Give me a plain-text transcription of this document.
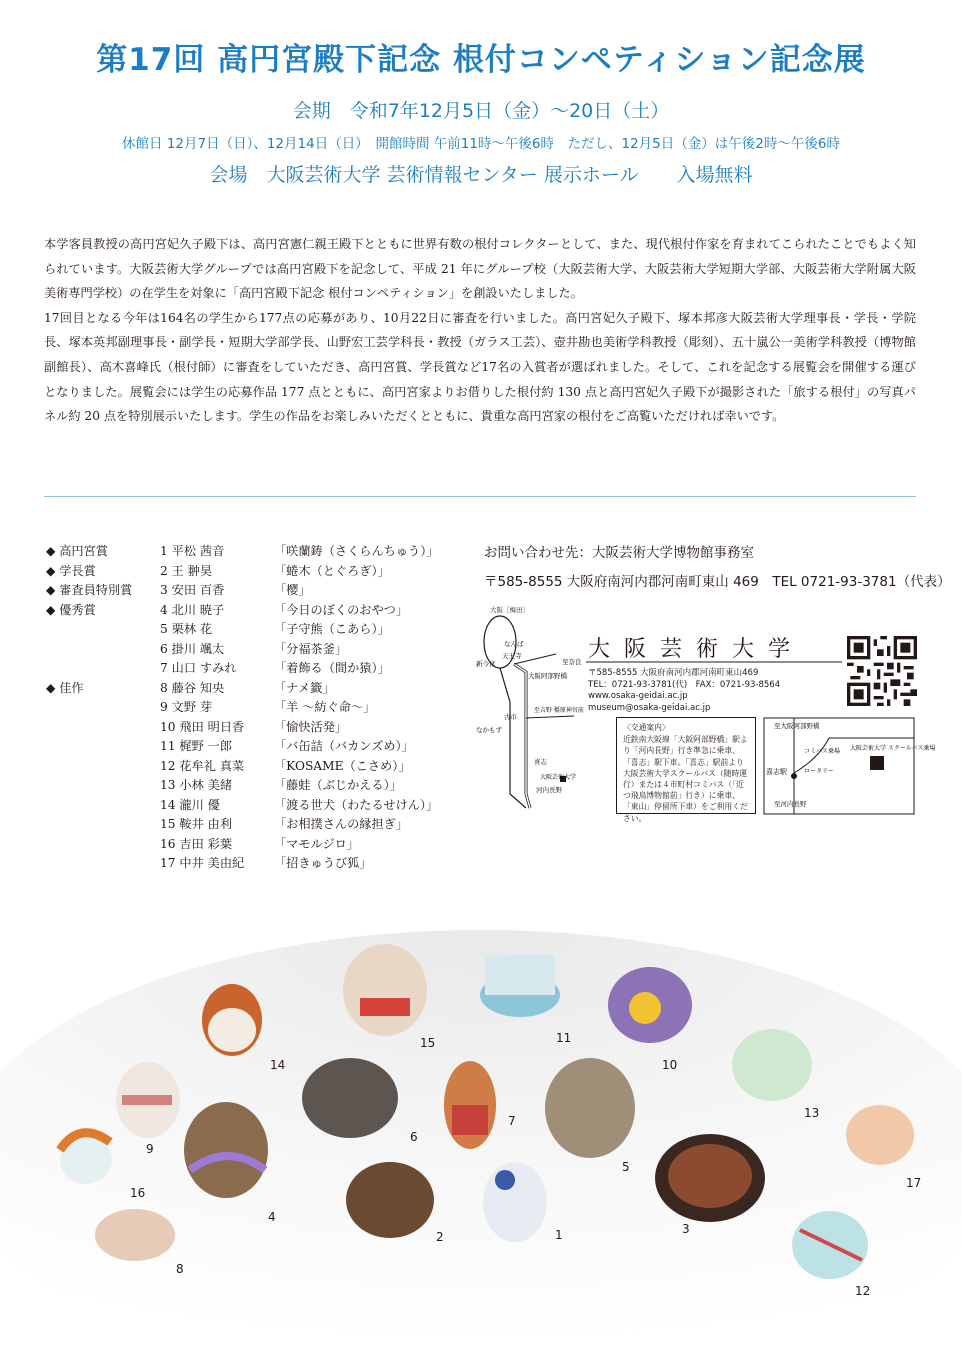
第17回 高円宮殿下記念 根付コンペティション記念展
会期　令和7年12月5日（金）～20日（土）
休館日 12月7日（日）、12月14日（日）　開館時間 午前11時～午後6時　ただし、12月5日（金）は午後2時～午後6時
会場　大阪芸術大学 芸術情報センター 展示ホール　　入場無料

本学客員教授の高円宮妃久子殿下は、高円宮憲仁親王殿下とともに世界有数の根付コレクターとして、また、現代根付作家を育まれてこられたことでもよく知られています。大阪芸術大学グループでは高円宮殿下を記念して、平成 21 年にグループ校（大阪芸術大学、大阪芸術大学短期大学部、大阪芸術大学附属大阪美術専門学校）の在学生を対象に「高円宮殿下記念 根付コンペティション」を創設いたしました。

17回目となる今年は164名の学生から177点の応募があり、10月22日に審査を行いました。高円宮妃久子殿下、塚本邦彦大阪芸術大学理事長・学長・学院長、塚本英邦副理事長・副学長・短期大学部学長、山野宏工芸学科長・教授（ガラス工芸）、壺井勘也美術学科教授（彫刻）、五十嵐公一美術学科教授（博物館副館長）、高木喜峰氏（根付師）に審査をしていただき、高円宮賞、学長賞など17名の入賞者が選ばれました。そして、これを記念する展覧会を開催する運びとなりました。展覧会には学生の応募作品 177 点とともに、高円宮家よりお借りした根付約 130 点と高円宮妃久子殿下が撮影された「旅する根付」の写真パネル約 20 点を特別展示いたします。学生の作品をお楽しみいただくとともに、貴重な高円宮家の根付をご高覧いただければ幸いです。

◆ 高円宮賞	1 平松 茜音	「咲蘭鋳（さくらんちゅう）」
◆ 学長賞	2 王 翀昊	「蜷木（とぐろぎ）」
◆ 審査員特別賞	3 安田 百香	「樱」
◆ 優秀賞	4 北川 暁子	「今日のぼくのおやつ」
5 栗林 花	「子守熊（こあら）」
6 掛川 颯太	「分福茶釜」
7 山口 すみれ	「着飾る（間か猿）」
◆ 佳作	8 藤谷 知央	「ナメ籤」
9 文野 芽	「羊 ～紡ぐ命～」
10 飛田 明日香	「愉快活発」
11 梶野 一郎	「バ缶詰（バカンズめ）」
12 花牟礼 真菜	「KOSAME（こさめ）」
13 小林 美緒	「藤蛙（ぶじかえる）」
14 瀧川 優	「渡る世犬（わたるせけん）」
15 鞍井 由利	「お相撲さんの縁担ぎ」
16 吉田 彩葉	「マモルジロ」
17 中井 美由紀	「招きゅうび狐」
お問い合わせ先：大阪芸術大学博物館事務室
〒585-8555 大阪府南河内郡河南町東山 469　TEL 0721-93-3781（代表）
大阪［梅田］
なんば
天王寺
新今宮
大阪阿部野橋
なかもず
古市
喜志
河内長野
大阪芸術大学
至奈良
至吉野 橿原神宮前
至大阪阿部野橋
至河内長野
コミバス乗場 大阪芸術大学 スクールバス乗場
喜志駅	ロータリー
大阪芸術大学
〒585-8555 大阪府南河内郡河南町東山469
TEL：0721-93-3781(代)　FAX：0721-93-8564
www.osaka-geidai.ac.jp
museum@osaka-geidai.ac.jp
〈交通案内〉
近鉄南大阪線「大阪阿部野橋」駅より「河内長野」行き準急に乗車、「喜志」駅下車。「喜志」駅前より大阪芸術大学スクールバス（随時運行）または４市町村コミバス（「近つ飛鳥博物館前」行き）に乗車、「東山」停留所下車）をご利用ください。
1
2
3
4
5
6
7
8
9
10
11
12
13
14
15
16
17
